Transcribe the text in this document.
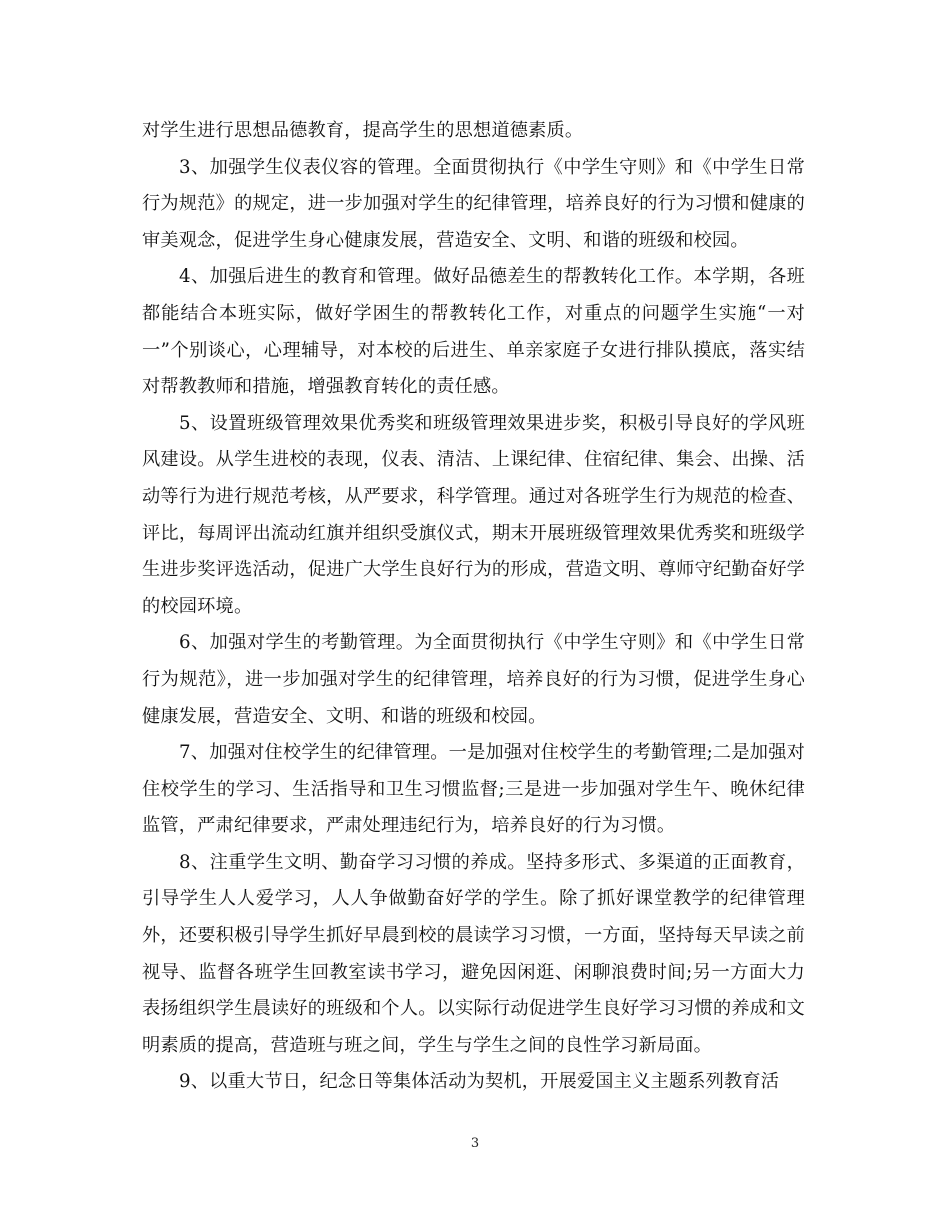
对学生进行思想品德教育，提高学生的思想道德素质。

3、加强学生仪表仪容的管理。全面贯彻执行《中学生守则》和《中学生日常行为规范》的规定，进一步加强对学生的纪律管理，培养良好的行为习惯和健康的审美观念，促进学生身心健康发展，营造安全、文明、和谐的班级和校园。

4、加强后进生的教育和管理。做好品德差生的帮教转化工作。本学期，各班都能结合本班实际，做好学困生的帮教转化工作，对重点的问题学生实施“一对一”个别谈心，心理辅导，对本校的后进生、单亲家庭子女进行排队摸底，落实结对帮教教师和措施，增强教育转化的责任感。

5、设置班级管理效果优秀奖和班级管理效果进步奖，积极引导良好的学风班风建设。从学生进校的表现，仪表、清洁、上课纪律、住宿纪律、集会、出操、活动等行为进行规范考核，从严要求，科学管理。通过对各班学生行为规范的检查、评比，每周评出流动红旗并组织受旗仪式，期末开展班级管理效果优秀奖和班级学生进步奖评选活动，促进广大学生良好行为的形成，营造文明、尊师守纪勤奋好学的校园环境。

6、加强对学生的考勤管理。为全面贯彻执行《中学生守则》和《中学生日常行为规范》，进一步加强对学生的纪律管理，培养良好的行为习惯，促进学生身心健康发展，营造安全、文明、和谐的班级和校园。

7、加强对住校学生的纪律管理。一是加强对住校学生的考勤管理;二是加强对住校学生的学习、生活指导和卫生习惯监督;三是进一步加强对学生午、晚休纪律监管，严肃纪律要求，严肃处理违纪行为，培养良好的行为习惯。

8、注重学生文明、勤奋学习习惯的养成。坚持多形式、多渠道的正面教育，引导学生人人爱学习，人人争做勤奋好学的学生。除了抓好课堂教学的纪律管理外，还要积极引导学生抓好早晨到校的晨读学习习惯，一方面，坚持每天早读之前视导、监督各班学生回教室读书学习，避免因闲逛、闲聊浪费时间;另一方面大力表扬组织学生晨读好的班级和个人。以实际行动促进学生良好学习习惯的养成和文明素质的提高，营造班与班之间，学生与学生之间的良性学习新局面。

9、以重大节日，纪念日等集体活动为契机，开展爱国主义主题系列教育活

3
